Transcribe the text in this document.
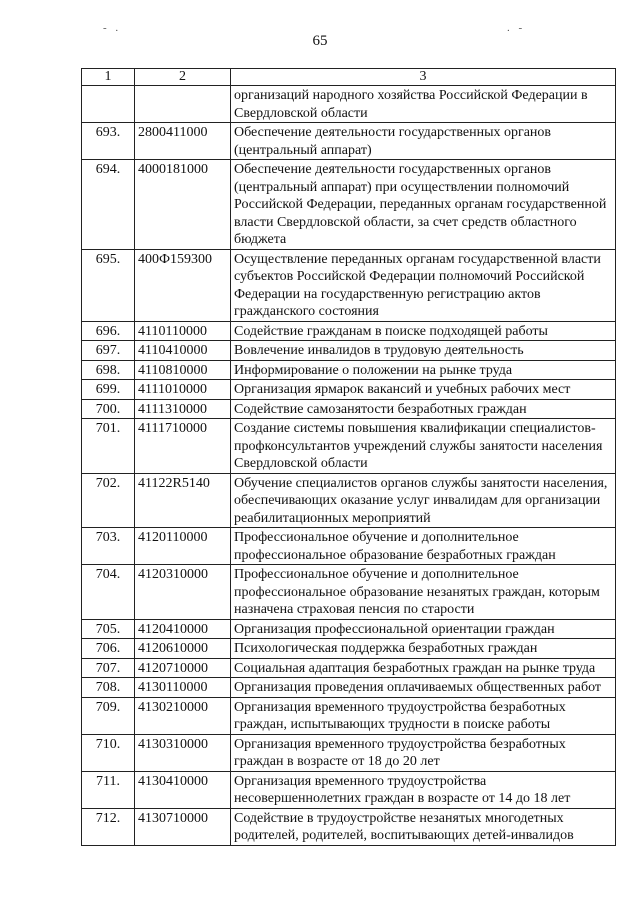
- .	. -
65
1	2	3
		организаций народного хозяйства Российской Федерации в Свердловской области
693.	2800411000	Обеспечение деятельности государственных органов (центральный аппарат)
694.	4000181000	Обеспечение деятельности государственных органов (центральный аппарат) при осуществлении полномочий Российской Федерации, переданных органам государственной власти Свердловской области, за счет средств областного бюджета
695.	400Ф159300	Осуществление переданных органам государственной власти субъектов Российской Федерации полномочий Российской Федерации на государственную регистрацию актов гражданского состояния
696.	4110110000	Содействие гражданам в поиске подходящей работы
697.	4110410000	Вовлечение инвалидов в трудовую деятельность
698.	4110810000	Информирование о положении на рынке труда
699.	4111010000	Организация ярмарок вакансий и учебных рабочих мест
700.	4111310000	Содействие самозанятости безработных граждан
701.	4111710000	Создание системы повышения квалификации специалистов-профконсультантов учреждений службы занятости населения Свердловской области
702.	41122R5140	Обучение специалистов органов службы занятости населения, обеспечивающих оказание услуг инвалидам для организации реабилитационных мероприятий
703.	4120110000	Профессиональное обучение и дополнительное профессиональное образование безработных граждан
704.	4120310000	Профессиональное обучение и дополнительное профессиональное образование незанятых граждан, которым назначена страховая пенсия по старости
705.	4120410000	Организация профессиональной ориентации граждан
706.	4120610000	Психологическая поддержка безработных граждан
707.	4120710000	Социальная адаптация безработных граждан на рынке труда
708.	4130110000	Организация проведения оплачиваемых общественных работ
709.	4130210000	Организация временного трудоустройства безработных граждан, испытывающих трудности в поиске работы
710.	4130310000	Организация временного трудоустройства безработных граждан в возрасте от 18 до 20 лет
711.	4130410000	Организация временного трудоустройства несовершеннолетних граждан в возрасте от 14 до 18 лет
712.	4130710000	Содействие в трудоустройстве незанятых многодетных родителей, родителей, воспитывающих детей-инвалидов
